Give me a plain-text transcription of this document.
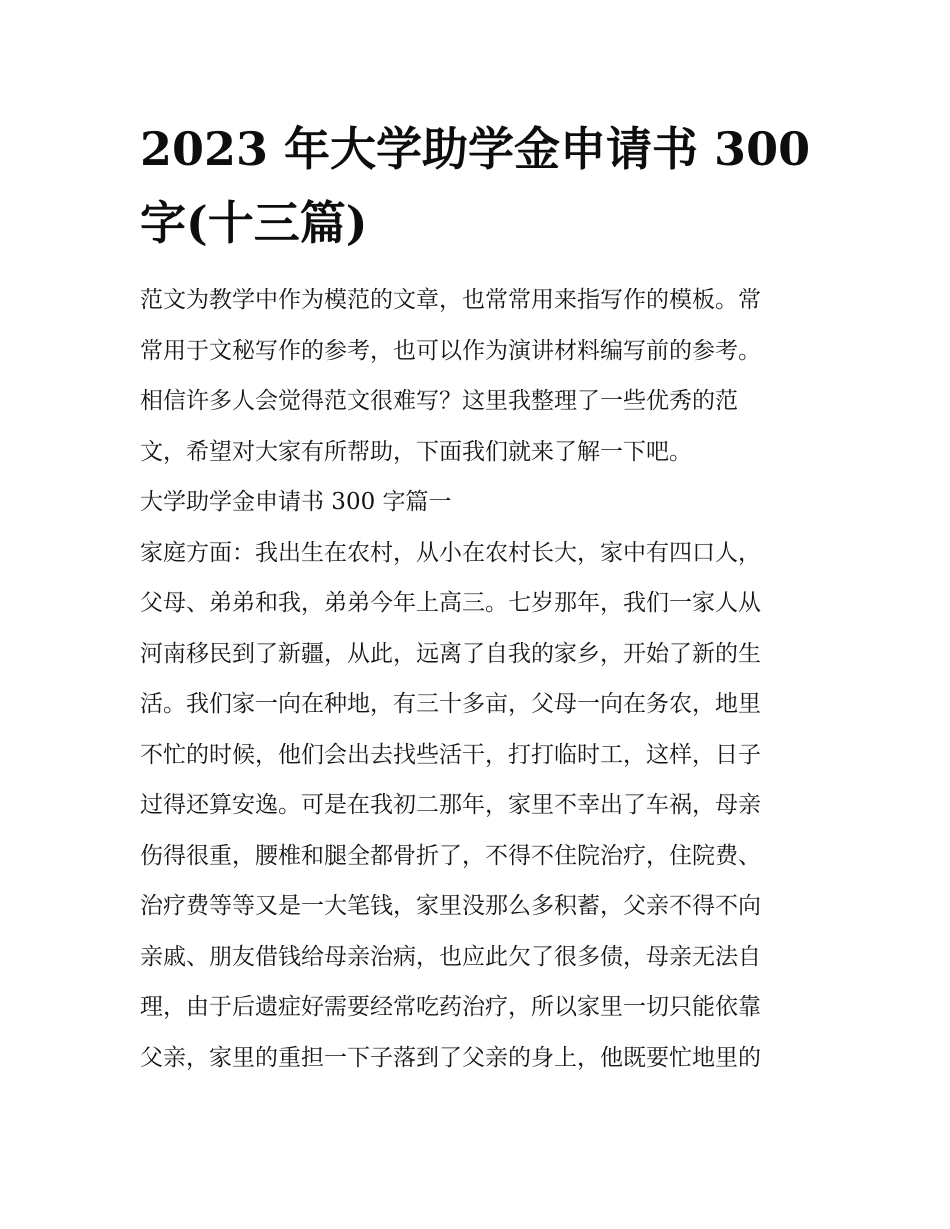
2023 年大学助学金申请书 300
字(十三篇)
范文为教学中作为模范的文章，也常常用来指写作的模板。常
常用于文秘写作的参考，也可以作为演讲材料编写前的参考。
相信许多人会觉得范文很难写？这里我整理了一些优秀的范
文，希望对大家有所帮助，下面我们就来了解一下吧。
大学助学金申请书 300 字篇一
家庭方面：我出生在农村，从小在农村长大，家中有四口人，
父母、弟弟和我，弟弟今年上高三。七岁那年，我们一家人从
河南移民到了新疆，从此，远离了自我的家乡，开始了新的生
活。我们家一向在种地，有三十多亩，父母一向在务农，地里
不忙的时候，他们会出去找些活干，打打临时工，这样，日子
过得还算安逸。可是在我初二那年，家里不幸出了车祸，母亲
伤得很重，腰椎和腿全都骨折了，不得不住院治疗，住院费、
治疗费等等又是一大笔钱，家里没那么多积蓄，父亲不得不向
亲戚、朋友借钱给母亲治病，也应此欠了很多债，母亲无法自
理，由于后遗症好需要经常吃药治疗，所以家里一切只能依靠
父亲，家里的重担一下子落到了父亲的身上，他既要忙地里的
